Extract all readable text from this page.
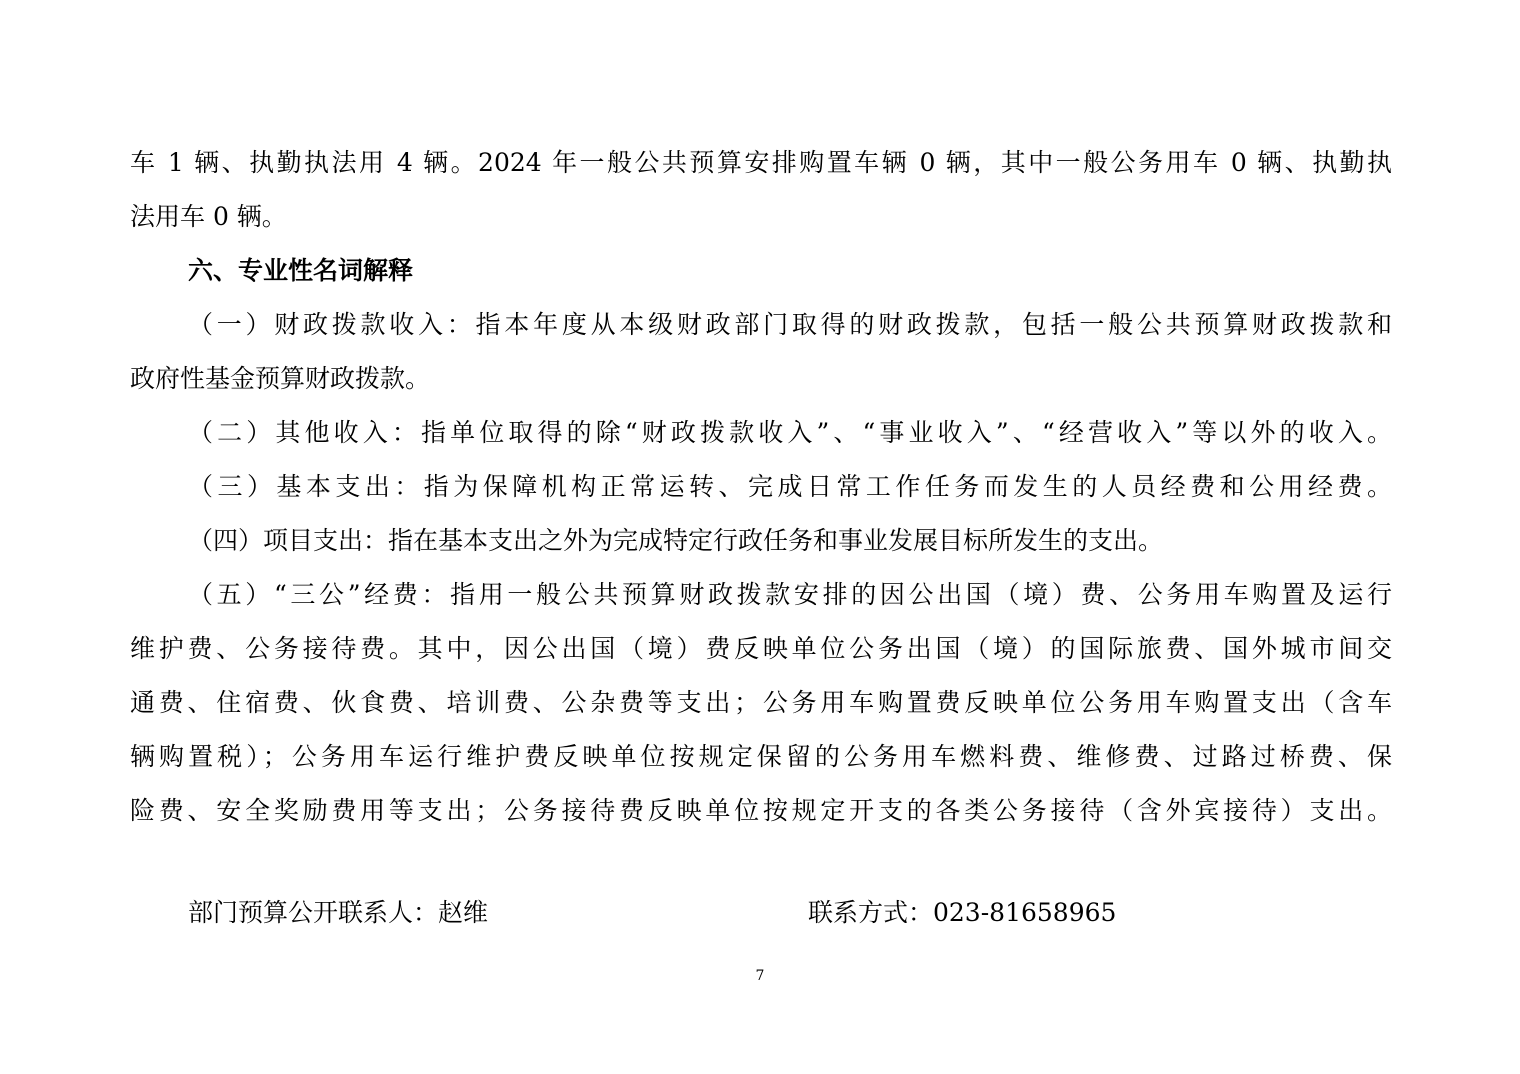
车 1 辆、执勤执法用 4 辆。2024 年一般公共预算安排购置车辆 0 辆，其中一般公务用车 0 辆、执勤执
法用车 0 辆。
六、专业性名词解释
（一）财政拨款收入：指本年度从本级财政部门取得的财政拨款，包括一般公共预算财政拨款和
政府性基金预算财政拨款。
（二）其他收入：指单位取得的除“财政拨款收入”、“事业收入”、“经营收入”等以外的收入。
（三）基本支出：指为保障机构正常运转、完成日常工作任务而发生的人员经费和公用经费。
（四）项目支出：指在基本支出之外为完成特定行政任务和事业发展目标所发生的支出。
（五）“三公”经费：指用一般公共预算财政拨款安排的因公出国（境）费、公务用车购置及运行
维护费、公务接待费。其中，因公出国（境）费反映单位公务出国（境）的国际旅费、国外城市间交
通费、住宿费、伙食费、培训费、公杂费等支出；公务用车购置费反映单位公务用车购置支出（含车
辆购置税）；公务用车运行维护费反映单位按规定保留的公务用车燃料费、维修费、过路过桥费、保
险费、安全奖励费用等支出；公务接待费反映单位按规定开支的各类公务接待（含外宾接待）支出。
部门预算公开联系人：赵维	联系方式：023-81658965
7
